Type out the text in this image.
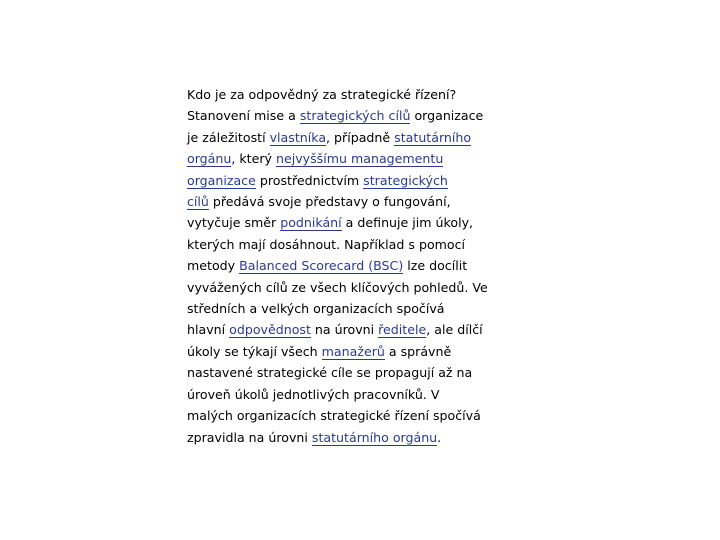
Kdo je za odpovědný za strategické řízení?
Stanovení mise a strategických cílů organizace
je záležitostí vlastníka, případně statutárního
orgánu, který nejvyššímu managementu
organizace prostřednictvím strategických
cílů předává svoje představy o fungování,
vytyčuje směr podnikání a definuje jim úkoly,
kterých mají dosáhnout. Například s pomocí
metody Balanced Scorecard (BSC) lze docílit
vyvážených cílů ze všech klíčových pohledů. Ve
středních a velkých organizacích spočívá
hlavní odpovědnost na úrovni ředitele, ale dílčí
úkoly se týkají všech manažerů a správně
nastavené strategické cíle se propagují až na
úroveň úkolů jednotlivých pracovníků. V
malých organizacích strategické řízení spočívá
zpravidla na úrovni statutárního orgánu.
